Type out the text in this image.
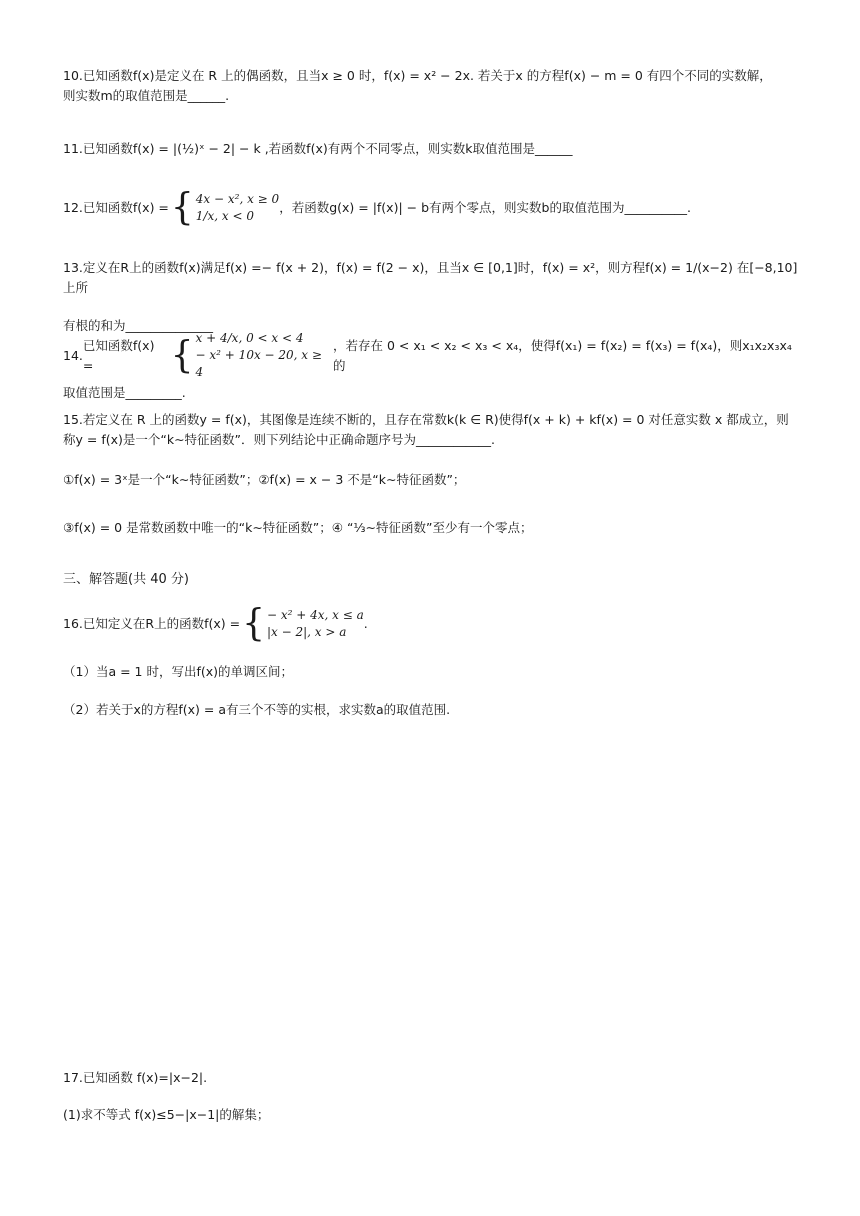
10.已知函数f(x)是定义在 R 上的偶函数，且当x ≥ 0 时，f(x) = x² − 2x. 若关于x 的方程f(x) − m = 0 有四个不同的实数解，
则实数m的取值范围是______.
11.已知函数f(x) = |(½)ˣ − 2| − k ,若函数f(x)有两个不同零点，则实数k取值范围是______
12. 已知函数f(x) = { 4x − x², x ≥ 0
1/x, x < 0
，若函数g(x) = |f(x)| − b有两个零点，则实数b的取值范围为__________.
13.定义在R上的函数f(x)满足f(x) =− f(x + 2)，f(x) = f(2 − x)，且当x ∈ [0,1]时，f(x) = x²，则方程f(x) = 1/(x−2) 在[−8,10]上所
有根的和为______________
14.
已知函数f(x) =	{ x + 4/x, 0 < x < 4
− x² + 10x − 20, x ≥ 4
，若存在 0 < x₁ < x₂ < x₃ < x₄，使得f(x₁) = f(x₂) = f(x₃) = f(x₄)，则x₁x₂x₃x₄的
取值范围是_________.
15.若定义在 R 上的函数y = f(x)，其图像是连续不断的，且存在常数k(k ∈ R)使得f(x + k) + kf(x) = 0 对任意实数 x 都成立，则
称y = f(x)是一个“k∼特征函数”．则下列结论中正确命题序号为____________.
①f(x) = 3ˣ是一个“k∼特征函数”；②f(x) = x − 3 不是“k∼特征函数”；
③f(x) = 0 是常数函数中唯一的“k∼特征函数”；④ “⅓∼特征函数”至少有一个零点；
三、解答题(共 40 分)
16. 已知定义在R上的函数f(x) = { − x² + 4x, x ≤ a
|x − 2|, x > a
.
（1）当a = 1 时，写出f(x)的单调区间；
（2）若关于x的方程f(x) = a有三个不等的实根，求实数a的取值范围.
17.已知函数 f(x)=|x−2|.
(1)求不等式 f(x)≤5−|x−1|的解集；
